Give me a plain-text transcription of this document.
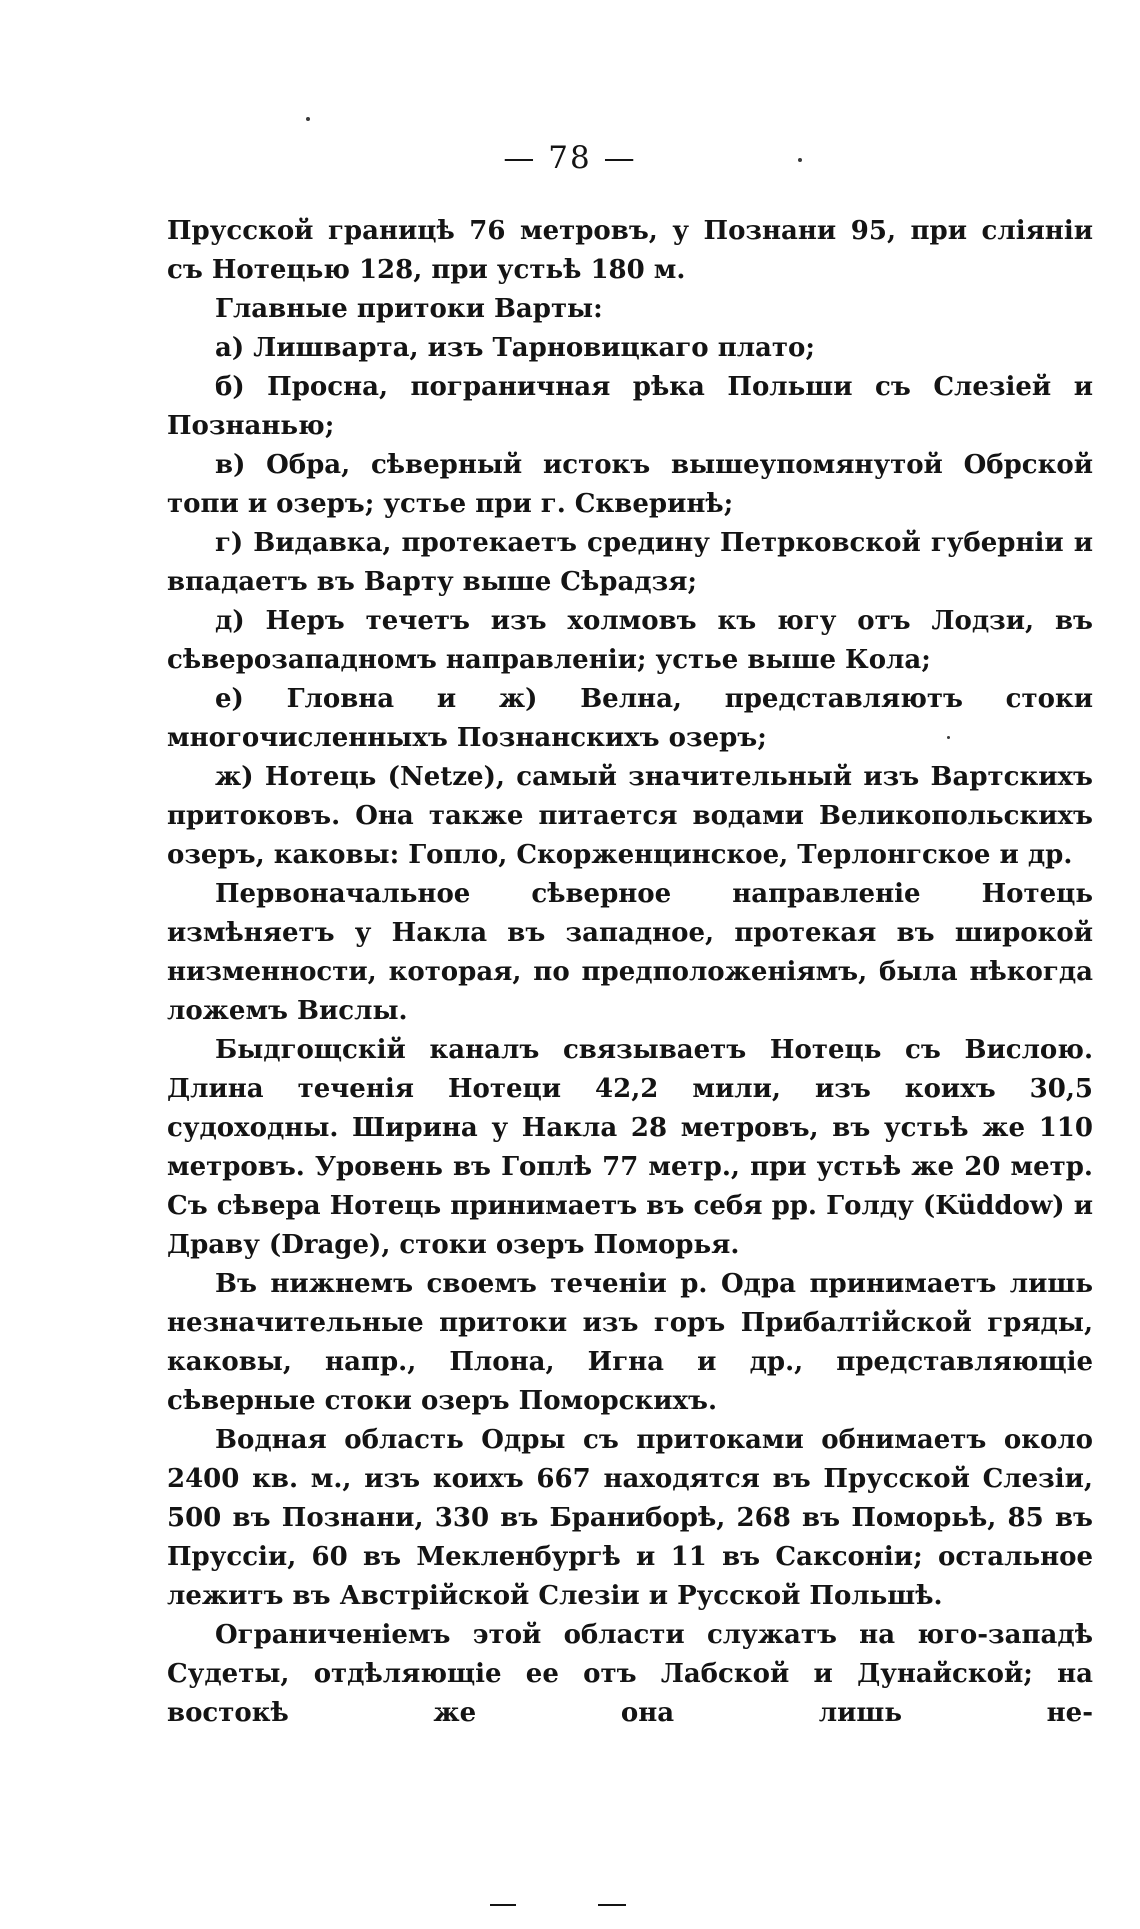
— 78 —

Прусской границѣ 76 метровъ, у Познани 95, при сліяніи съ Нотецью 128, при устьѣ 180 м.

Главные притоки Варты:

а) Лишварта, изъ Тарновицкаго плато;

б) Просна, пограничная рѣка Польши съ Слезіей и Познанью;

в) Обра, сѣверный истокъ вышеупомянутой Обрской топи и озеръ; устье при г. Скверинѣ;

г) Видавка, протекаетъ средину Петрковской губерніи и впадаетъ въ Варту выше Сѣрадзя;

д) Неръ течетъ изъ холмовъ къ югу отъ Лодзи, въ сѣверозападномъ направленіи; устье выше Кола;

е) Гловна и ж) Велна, представляютъ стоки многочисленныхъ Познанскихъ озеръ;

ж) Нотець (Netze), самый значительный изъ Вартскихъ притоковъ. Она также питается водами Великопольскихъ озеръ, каковы: Гопло, Скорженцинское, Терлонгское и др.

Первоначальное сѣверное направленіе Нотець измѣняетъ у Накла въ западное, протекая въ широкой низменности, которая, по предположеніямъ, была нѣкогда ложемъ Вислы.

Быдгощскій каналъ связываетъ Нотець съ Вислою. Длина теченія Нотеци 42,2 мили, изъ коихъ 30,5 судоходны. Ширина у Накла 28 метровъ, въ устьѣ же 110 метровъ. Уровень въ Гоплѣ 77 метр., при устьѣ же 20 метр. Съ сѣвера Нотець принимаетъ въ себя рр. Голду (Küddow) и Драву (Drage), стоки озеръ Поморья.

Въ нижнемъ своемъ теченіи р. Одра принимаетъ лишь незначительные притоки изъ горъ Прибалтійской гряды, каковы, напр., Плона, Игна и др., представляющіе сѣверные стоки озеръ Поморскихъ.

Водная область Одры съ притоками обнимаетъ около 2400 кв. м., изъ коихъ 667 находятся въ Прусской Слезіи, 500 въ Познани, 330 въ Бранибopѣ, 268 въ Поморьѣ, 85 въ Пруссіи, 60 въ Мекленбургѣ и 11 въ Саксоніи; остальное лежитъ въ Австрійской Слезіи и Русской Польшѣ.

Ограниченіемъ этой области служатъ на юго-западѣ Судеты, отдѣляющіе ее отъ Лабской и Дунайской; на востокѣ же она лишь не-
